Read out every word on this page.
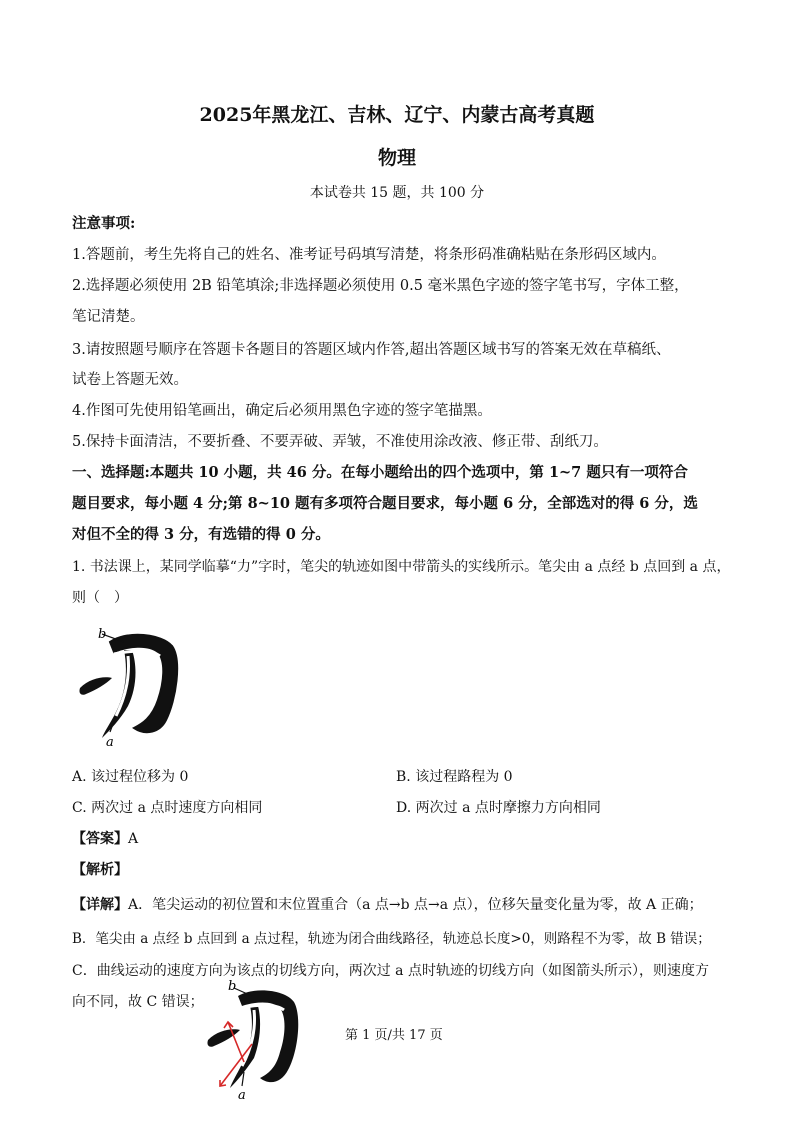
2025年黑龙江、吉林、辽宁、内蒙古高考真题
物理
本试卷共 15 题，共 100 分
注意事项:
1.答题前，考生先将自己的姓名、准考证号码填写清楚，将条形码准确粘贴在条形码区域内。
2.选择题必须使用 2B 铅笔填涂;非选择题必须使用 0.5 毫米黑色字迹的签字笔书写，字体工整，
笔记清楚。
3.请按照题号顺序在答题卡各题目的答题区域内作答,超出答题区域书写的答案无效在草稿纸、
试卷上答题无效。
4.作图可先使用铅笔画出，确定后必须用黑色字迹的签字笔描黑。
5.保持卡面清洁，不要折叠、不要弄破、弄皱，不准使用涂改液、修正带、刮纸刀。
一、选择题:本题共 10 小题，共 46 分。在每小题给出的四个选项中，第 1~7 题只有一项符合
题目要求，每小题 4 分;第 8~10 题有多项符合题目要求，每小题 6 分，全部选对的得 6 分，选
对但不全的得 3 分，有选错的得 0 分。
1. 书法课上，某同学临摹“力”字时，笔尖的轨迹如图中带箭头的实线所示。笔尖由 a 点经 b 点回到 a 点，
则（　）
b
a
A. 该过程位移为 0	B. 该过程路程为 0
C. 两次过 a 点时速度方向相同	D. 两次过 a 点时摩擦力方向相同
【答案】A
【解析】
【详解】A．笔尖运动的初位置和末位置重合（a 点→b 点→a 点），位移矢量变化量为零，故 A 正确；
B．笔尖由 a 点经 b 点回到 a 点过程，轨迹为闭合曲线路径，轨迹总长度>0，则路程不为零，故 B 错误；
C．曲线运动的速度方向为该点的切线方向，两次过 a 点时轨迹的切线方向（如图箭头所示），则速度方
向不同，故 C 错误；
b
a
第 1 页/共 17 页
